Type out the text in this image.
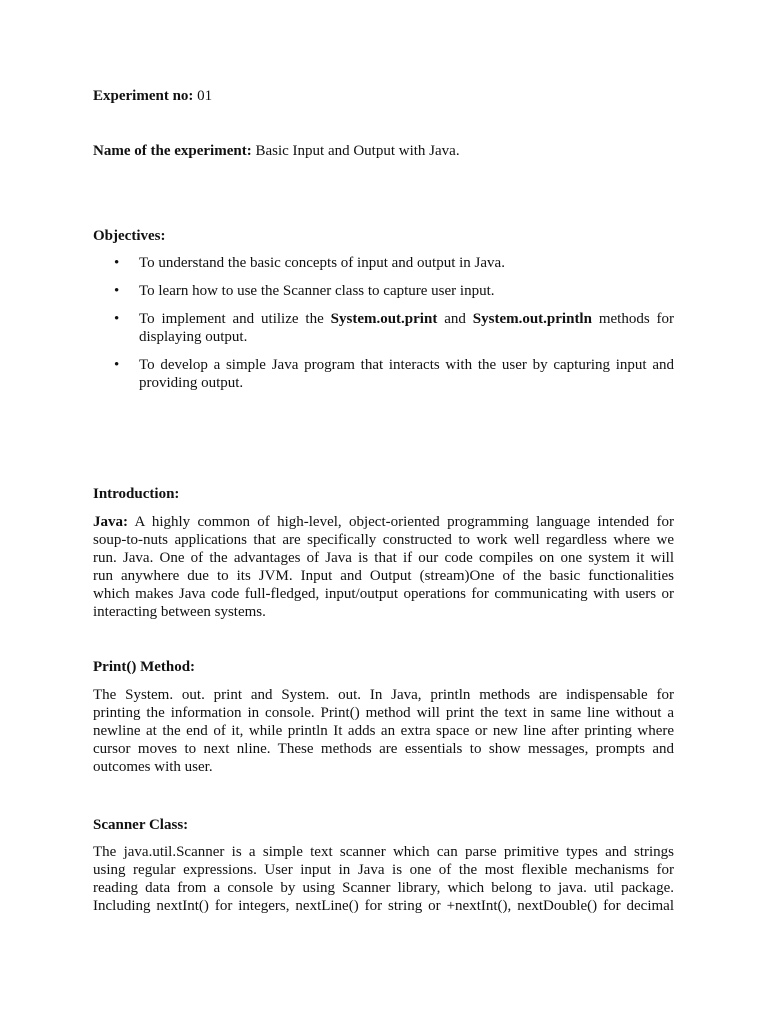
Experiment no: 01
Name of the experiment: Basic Input and Output with Java.
Objectives:
• To understand the basic concepts of input and output in Java.
• To learn how to use the Scanner class to capture user input.
• To implement and utilize the System.out.print and System.out.println methods for
displaying output.
• To develop a simple Java program that interacts with the user by capturing input and
providing output.
Introduction:
Java: A highly common of high-level, object-oriented programming language intended for
soup-to-nuts applications that are specifically constructed to work well regardless where we
run. Java. One of the advantages of Java is that if our code compiles on one system it will
run anywhere due to its JVM. Input and Output (stream)One of the basic functionalities
which makes Java code full-fledged, input/output operations for communicating with users or
interacting between systems.
Print() Method:
The System. out. print and System. out. In Java, println methods are indispensable for
printing the information in console. Print() method will print the text in same line without a
newline at the end of it, while println It adds an extra space or new line after printing where
cursor moves to next nline. These methods are essentials to show messages, prompts and
outcomes with user.
Scanner Class:
The java.util.Scanner is a simple text scanner which can parse primitive types and strings
using regular expressions. User input in Java is one of the most flexible mechanisms for
reading data from a console by using Scanner library, which belong to java. util package.
Including nextInt() for integers, nextLine() for string or +nextInt(), nextDouble() for decimal
